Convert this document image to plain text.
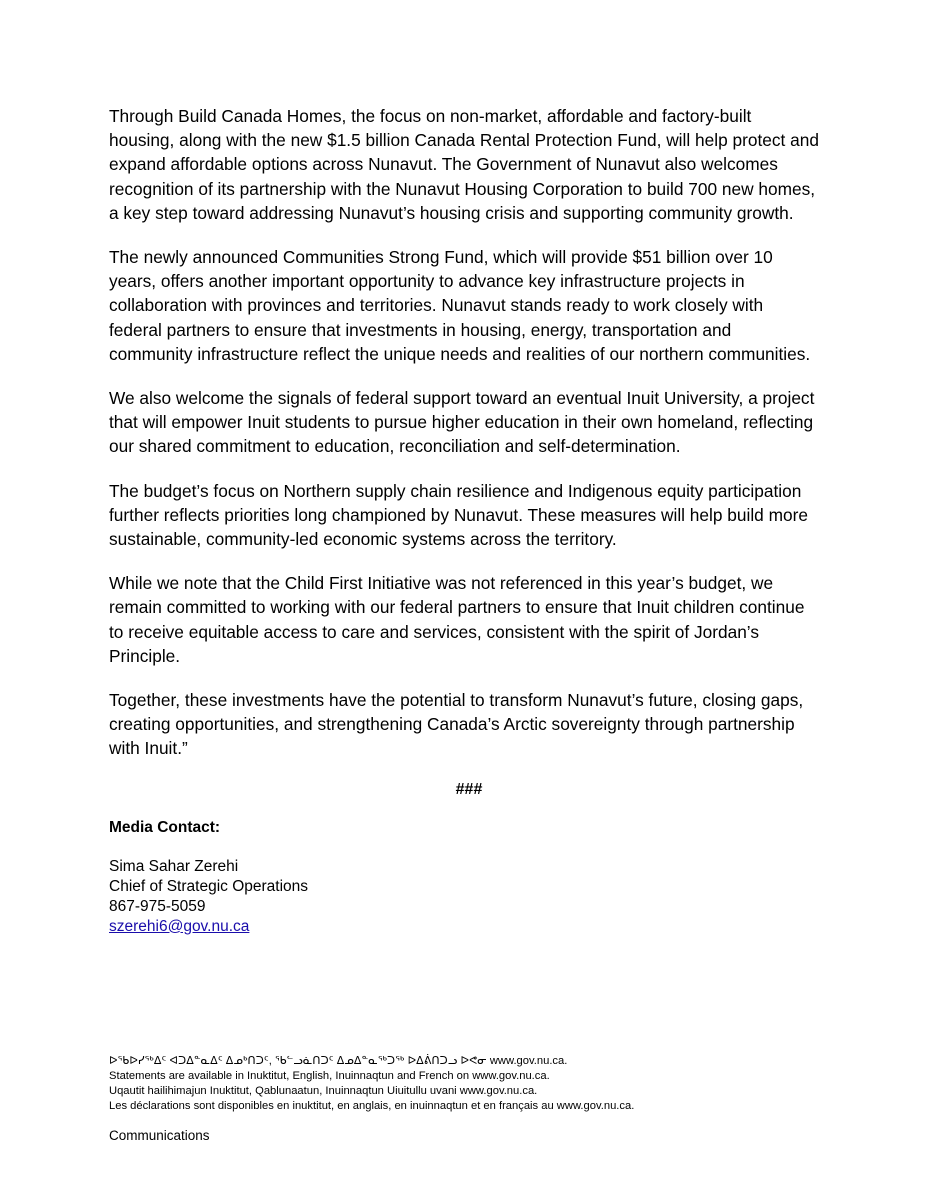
Through Build Canada Homes, the focus on non-market, affordable and factory-built housing, along with the new $1.5 billion Canada Rental Protection Fund, will help protect and expand affordable options across Nunavut. The Government of Nunavut also welcomes recognition of its partnership with the Nunavut Housing Corporation to build 700 new homes, a key step toward addressing Nunavut’s housing crisis and supporting community growth.

The newly announced Communities Strong Fund, which will provide $51 billion over 10 years, offers another important opportunity to advance key infrastructure projects in collaboration with provinces and territories. Nunavut stands ready to work closely with federal partners to ensure that investments in housing, energy, transportation and community infrastructure reflect the unique needs and realities of our northern communities.

We also welcome the signals of federal support toward an eventual Inuit University, a project that will empower Inuit students to pursue higher education in their own homeland, reflecting our shared commitment to education, reconciliation and self-determination.

The budget’s focus on Northern supply chain resilience and Indigenous equity participation further reflects priorities long championed by Nunavut. These measures will help build more sustainable, community-led economic systems across the territory.

While we note that the Child First Initiative was not referenced in this year’s budget, we remain committed to working with our federal partners to ensure that Inuit children continue to receive equitable access to care and services, consistent with the spirit of Jordan’s Principle.

Together, these investments have the potential to transform Nunavut’s future, closing gaps, creating opportunities, and strengthening Canada’s Arctic sovereignty through partnership with Inuit.”

###
Media Contact:
Sima Sahar Zerehi
Chief of Strategic Operations
867-975-5059
szerehi6@gov.nu.ca
ᐅᖃᐅᓯᖅᐃᑦ ᐊᑐᐃᓐᓇᐃᑦ ᐃᓄᒃᑎᑐᑦ, ᖃᓪᓗᓈᑎᑐᑦ ᐃᓄᐃᓐᓇᖅᑐᖅ ᐅᐃᕖᑎᑐᓗ ᐅᕙᓂ www.gov.nu.ca.
Statements are available in Inuktitut, English, Inuinnaqtun and French on www.gov.nu.ca.
Uqautit hailihimajun Inuktitut, Qablunaatun, Inuinnaqtun Uiuitullu uvani www.gov.nu.ca.
Les déclarations sont disponibles en inuktitut, en anglais, en inuinnaqtun et en français au www.gov.nu.ca.
Communications
